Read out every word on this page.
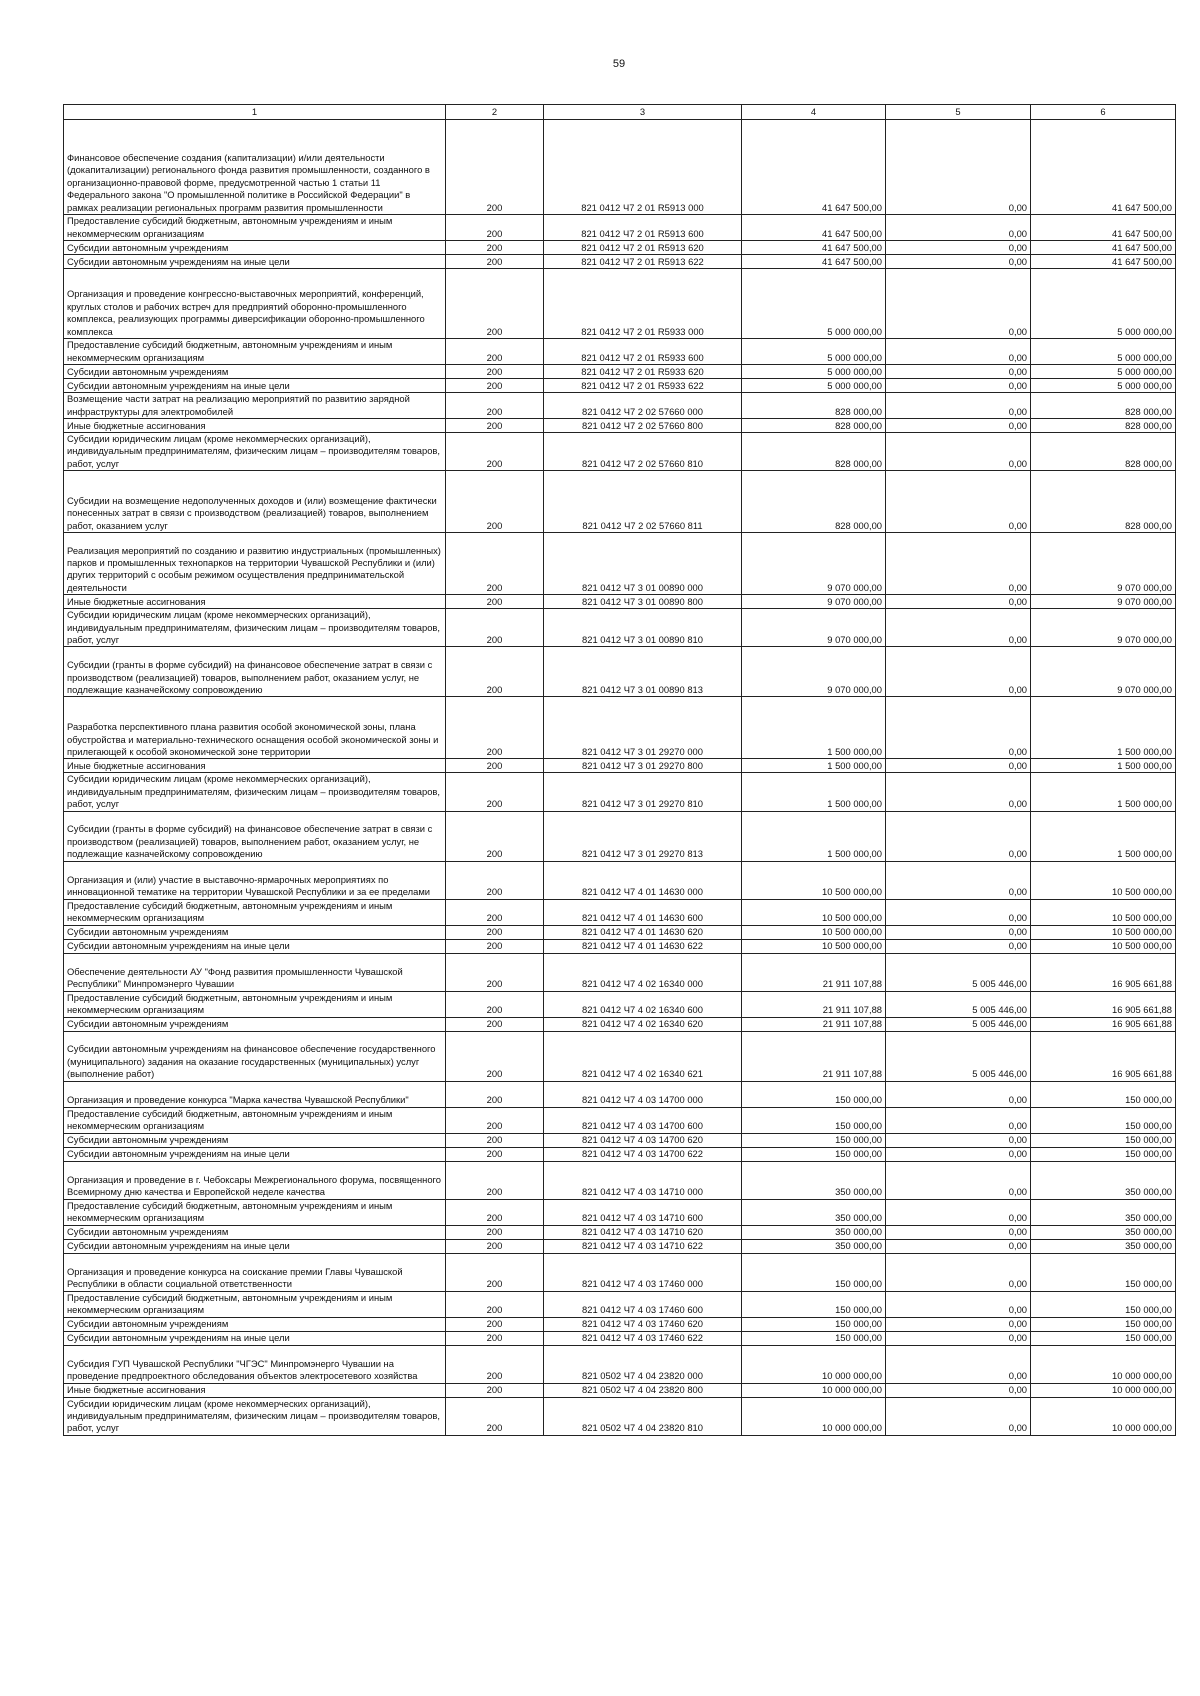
59
1	2	3	4	5	6
Финансовое обеспечение создания (капитализации) и/или деятельности (докапитализации) регионального фонда развития промышленности, созданного в организационно-правовой форме, предусмотренной частью 1 статьи 11 Федерального закона "О промышленной политике в Российской Федерации" в рамках реализации региональных программ развития промышленности	200	821 0412 Ч7 2 01 R5913 000	41 647 500,00	0,00	41 647 500,00
Предоставление субсидий бюджетным, автономным учреждениям и иным некоммерческим организациям	200	821 0412 Ч7 2 01 R5913 600	41 647 500,00	0,00	41 647 500,00
Субсидии автономным учреждениям	200	821 0412 Ч7 2 01 R5913 620	41 647 500,00	0,00	41 647 500,00
Субсидии автономным учреждениям на иные цели	200	821 0412 Ч7 2 01 R5913 622	41 647 500,00	0,00	41 647 500,00
Организация и проведение конгрессно-выставочных мероприятий, конференций, круглых столов и рабочих встреч для предприятий оборонно-промышленного комплекса, реализующих программы диверсификации оборонно-промышленного комплекса	200	821 0412 Ч7 2 01 R5933 000	5 000 000,00	0,00	5 000 000,00
Предоставление субсидий бюджетным, автономным учреждениям и иным некоммерческим организациям	200	821 0412 Ч7 2 01 R5933 600	5 000 000,00	0,00	5 000 000,00
Субсидии автономным учреждениям	200	821 0412 Ч7 2 01 R5933 620	5 000 000,00	0,00	5 000 000,00
Субсидии автономным учреждениям на иные цели	200	821 0412 Ч7 2 01 R5933 622	5 000 000,00	0,00	5 000 000,00
Возмещение части затрат на реализацию мероприятий по развитию зарядной инфраструктуры для электромобилей	200	821 0412 Ч7 2 02 57660 000	828 000,00	0,00	828 000,00
Иные бюджетные ассигнования	200	821 0412 Ч7 2 02 57660 800	828 000,00	0,00	828 000,00
Субсидии юридическим лицам (кроме некоммерческих организаций), индивидуальным предпринимателям, физическим лицам – производителям товаров, работ, услуг	200	821 0412 Ч7 2 02 57660 810	828 000,00	0,00	828 000,00
Субсидии на возмещение недополученных доходов и (или) возмещение фактически понесенных затрат в связи с производством (реализацией) товаров, выполнением работ, оказанием услуг	200	821 0412 Ч7 2 02 57660 811	828 000,00	0,00	828 000,00
Реализация мероприятий по созданию и развитию индустриальных (промышленных) парков и промышленных технопарков на территории Чувашской Республики и (или) других территорий с особым режимом осуществления предпринимательской деятельности	200	821 0412 Ч7 3 01 00890 000	9 070 000,00	0,00	9 070 000,00
Иные бюджетные ассигнования	200	821 0412 Ч7 3 01 00890 800	9 070 000,00	0,00	9 070 000,00
Субсидии юридическим лицам (кроме некоммерческих организаций), индивидуальным предпринимателям, физическим лицам – производителям товаров, работ, услуг	200	821 0412 Ч7 3 01 00890 810	9 070 000,00	0,00	9 070 000,00
Субсидии (гранты в форме субсидий) на финансовое обеспечение затрат в связи с производством (реализацией) товаров, выполнением работ, оказанием услуг, не подлежащие казначейскому сопровождению	200	821 0412 Ч7 3 01 00890 813	9 070 000,00	0,00	9 070 000,00
Разработка перспективного плана развития особой экономической зоны, плана обустройства и материально-технического оснащения особой экономической зоны и прилегающей к особой экономической зоне территории	200	821 0412 Ч7 3 01 29270 000	1 500 000,00	0,00	1 500 000,00
Иные бюджетные ассигнования	200	821 0412 Ч7 3 01 29270 800	1 500 000,00	0,00	1 500 000,00
Субсидии юридическим лицам (кроме некоммерческих организаций), индивидуальным предпринимателям, физическим лицам – производителям товаров, работ, услуг	200	821 0412 Ч7 3 01 29270 810	1 500 000,00	0,00	1 500 000,00
Субсидии (гранты в форме субсидий) на финансовое обеспечение затрат в связи с производством (реализацией) товаров, выполнением работ, оказанием услуг, не подлежащие казначейскому сопровождению	200	821 0412 Ч7 3 01 29270 813	1 500 000,00	0,00	1 500 000,00
Организация и (или) участие в выставочно-ярмарочных мероприятиях по инновационной тематике на территории Чувашской Республики и за ее пределами	200	821 0412 Ч7 4 01 14630 000	10 500 000,00	0,00	10 500 000,00
Предоставление субсидий бюджетным, автономным учреждениям и иным некоммерческим организациям	200	821 0412 Ч7 4 01 14630 600	10 500 000,00	0,00	10 500 000,00
Субсидии автономным учреждениям	200	821 0412 Ч7 4 01 14630 620	10 500 000,00	0,00	10 500 000,00
Субсидии автономным учреждениям на иные цели	200	821 0412 Ч7 4 01 14630 622	10 500 000,00	0,00	10 500 000,00
Обеспечение деятельности АУ "Фонд развития промышленности Чувашской Республики" Минпромэнерго Чувашии	200	821 0412 Ч7 4 02 16340 000	21 911 107,88	5 005 446,00	16 905 661,88
Предоставление субсидий бюджетным, автономным учреждениям и иным некоммерческим организациям	200	821 0412 Ч7 4 02 16340 600	21 911 107,88	5 005 446,00	16 905 661,88
Субсидии автономным учреждениям	200	821 0412 Ч7 4 02 16340 620	21 911 107,88	5 005 446,00	16 905 661,88
Субсидии автономным учреждениям на финансовое обеспечение государственного (муниципального) задания на оказание государственных (муниципальных) услуг (выполнение работ)	200	821 0412 Ч7 4 02 16340 621	21 911 107,88	5 005 446,00	16 905 661,88
Организация и проведение конкурса "Марка качества Чувашской Республики"	200	821 0412 Ч7 4 03 14700 000	150 000,00	0,00	150 000,00
Предоставление субсидий бюджетным, автономным учреждениям и иным некоммерческим организациям	200	821 0412 Ч7 4 03 14700 600	150 000,00	0,00	150 000,00
Субсидии автономным учреждениям	200	821 0412 Ч7 4 03 14700 620	150 000,00	0,00	150 000,00
Субсидии автономным учреждениям на иные цели	200	821 0412 Ч7 4 03 14700 622	150 000,00	0,00	150 000,00
Организация и проведение в г. Чебоксары Межрегионального форума, посвященного Всемирному дню качества и Европейской неделе качества	200	821 0412 Ч7 4 03 14710 000	350 000,00	0,00	350 000,00
Предоставление субсидий бюджетным, автономным учреждениям и иным некоммерческим организациям	200	821 0412 Ч7 4 03 14710 600	350 000,00	0,00	350 000,00
Субсидии автономным учреждениям	200	821 0412 Ч7 4 03 14710 620	350 000,00	0,00	350 000,00
Субсидии автономным учреждениям на иные цели	200	821 0412 Ч7 4 03 14710 622	350 000,00	0,00	350 000,00
Организация и проведение конкурса на соискание премии Главы Чувашской Республики в области социальной ответственности	200	821 0412 Ч7 4 03 17460 000	150 000,00	0,00	150 000,00
Предоставление субсидий бюджетным, автономным учреждениям и иным некоммерческим организациям	200	821 0412 Ч7 4 03 17460 600	150 000,00	0,00	150 000,00
Субсидии автономным учреждениям	200	821 0412 Ч7 4 03 17460 620	150 000,00	0,00	150 000,00
Субсидии автономным учреждениям на иные цели	200	821 0412 Ч7 4 03 17460 622	150 000,00	0,00	150 000,00
Субсидия ГУП Чувашской Республики "ЧГЭС" Минпромэнерго Чувашии на проведение предпроектного обследования объектов электросетевого хозяйства	200	821 0502 Ч7 4 04 23820 000	10 000 000,00	0,00	10 000 000,00
Иные бюджетные ассигнования	200	821 0502 Ч7 4 04 23820 800	10 000 000,00	0,00	10 000 000,00
Субсидии юридическим лицам (кроме некоммерческих организаций), индивидуальным предпринимателям, физическим лицам – производителям товаров, работ, услуг	200	821 0502 Ч7 4 04 23820 810	10 000 000,00	0,00	10 000 000,00
